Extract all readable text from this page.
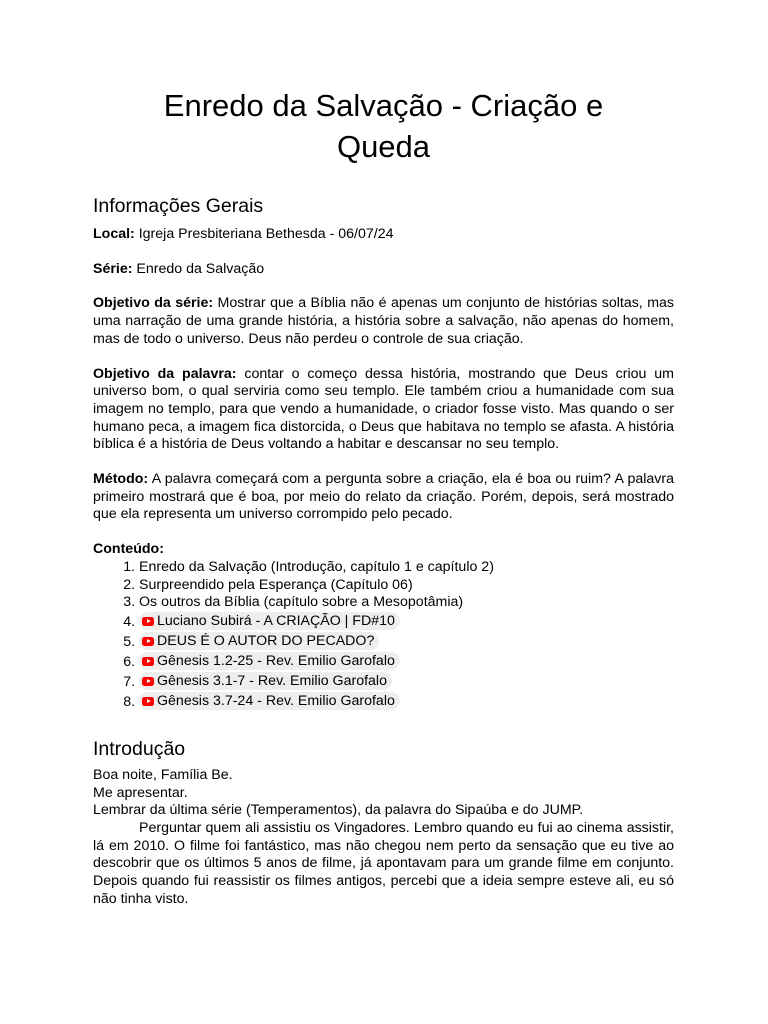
Enredo da Salvação - Criação e Queda
Informações Gerais

Local: Igreja Presbiteriana Bethesda - 06/07/24

Série: Enredo da Salvação

Objetivo da série: Mostrar que a Bíblia não é apenas um conjunto de histórias soltas, mas uma narração de uma grande história, a história sobre a salvação, não apenas do homem, mas de todo o universo. Deus não perdeu o controle de sua criação.

Objetivo da palavra: contar o começo dessa história, mostrando que Deus criou um universo bom, o qual serviria como seu templo. Ele também criou a humanidade com sua imagem no templo, para que vendo a humanidade, o criador fosse visto. Mas quando o ser humano peca, a imagem fica distorcida, o Deus que habitava no templo se afasta. A história bíblica é a história de Deus voltando a habitar e descansar no seu templo.

Método: A palavra começará com a pergunta sobre a criação, ela é boa ou ruim? A palavra primeiro mostrará que é boa, por meio do relato da criação. Porém, depois, será mostrado que ela representa um universo corrompido pelo pecado.

Conteúdo:

1. Enredo da Salvação (Introdução, capítulo 1 e capítulo 2)
2. Surpreendido pela Esperança (Capítulo 06)
3. Os outros da Bíblia (capítulo sobre a Mesopotâmia)
4. Luciano Subirá - A CRIAÇÃO | FD#10
5. DEUS É O AUTOR DO PECADO?
6. Gênesis 1.2-25 - Rev. Emilio Garofalo
7. Gênesis 3.1-7 - Rev. Emilio Garofalo
8. Gênesis 3.7-24 - Rev. Emilio Garofalo
Introdução

Boa noite, Família Be.

Me apresentar.

Lembrar da última série (Temperamentos), da palavra do Sipaúba e do JUMP.

Perguntar quem ali assistiu os Vingadores. Lembro quando eu fui ao cinema assistir, lá em 2010. O filme foi fantástico, mas não chegou nem perto da sensação que eu tive ao descobrir que os últimos 5 anos de filme, já apontavam para um grande filme em conjunto. Depois quando fui reassistir os filmes antigos, percebi que a ideia sempre esteve ali, eu só não tinha visto.
